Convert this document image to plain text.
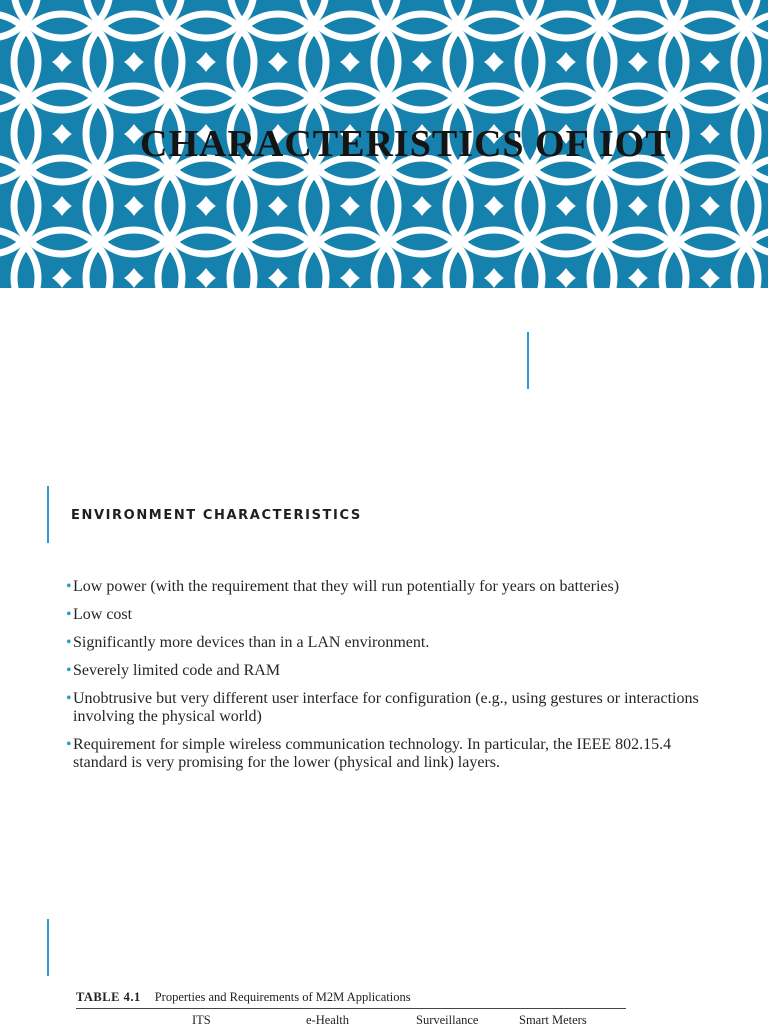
CHARACTERISTICS OF IOT
ENVIRONMENT CHARACTERISTICS
• Low power (with the requirement that they will run potentially for years on batteries)
• Low cost
• Significantly more devices than in a LAN environment.
• Severely limited code and RAM
• Unobtrusive but very different user interface for configuration (e.g., using gestures or interactions involving the physical world)
• Requirement for simple wireless communication technology. In particular, the IEEE 802.15.4 standard is very promising for the lower (physical and link) layers.

TABLE 4.1 Properties and Requirements of M2M Applications

ITS	e-Health	Surveillance	Smart Meters
